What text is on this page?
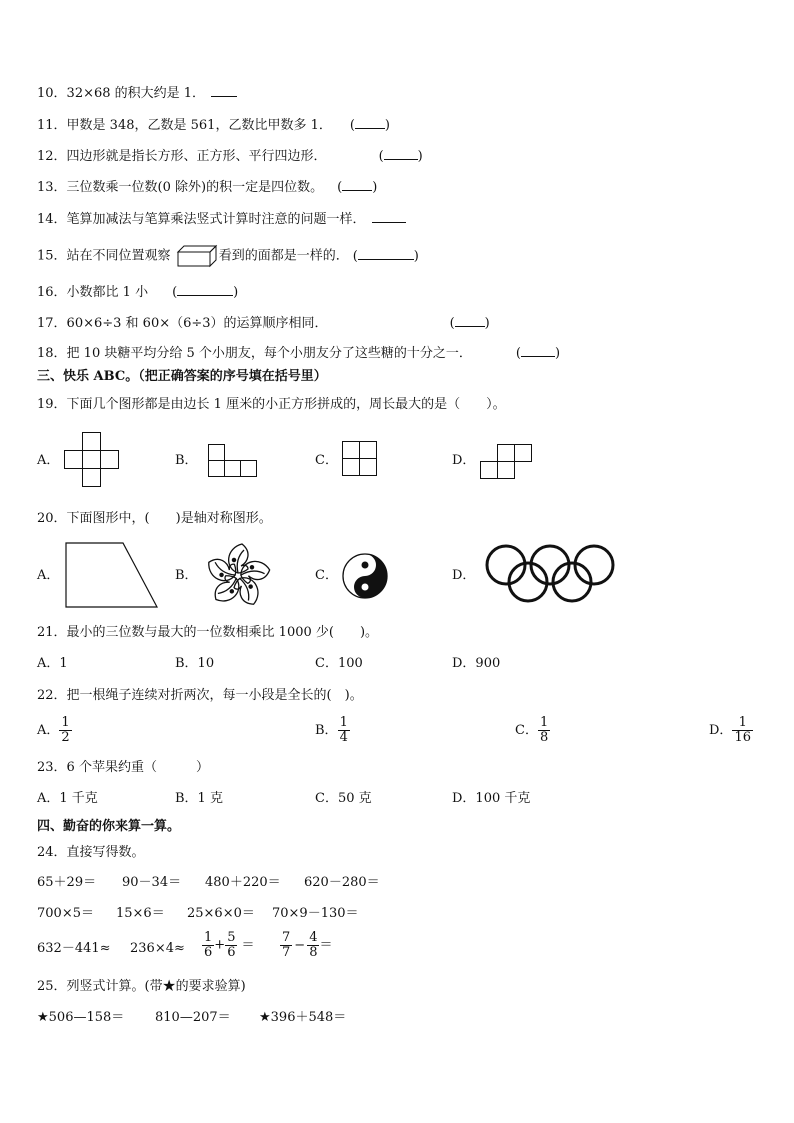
10．32×68 的积大约是 1．
11．甲数是 348，乙数是 561，乙数比甲数多 1． ( )
12．四边形就是指长方形、正方形、平行四边形．	(	)
13．三位数乘一位数(0 除外)的积一定是四位数。 ( )
14．笔算加减法与笔算乘法竖式计算时注意的问题一样．
15．站在不同位置观察	看到的面都是一样的． (	)
16．小数都比 1 小 (	)
17．60×6÷3 和 60×（6÷3）的运算顺序相同．	( )
18．把 10 块糖平均分给 5 个小朋友，每个小朋友分了这些糖的十分之一．	(	)
三、快乐 ABC。（把正确答案的序号填在括号里）
19．下面几个图形都是由边长 1 厘米的小正方形拼成的，周长最大的是（　　）。
A．	B．	C．	D．
20．下面图形中，(　　)是轴对称图形。
A．	B．	C．	D．
21．最小的三位数与最大的一位数相乘比 1000 少(　　)。
A．1	B．10	C．100	D．900
22．把一根绳子连续对折两次，每一小段是全长的(　)。
A． $\frac{1}{2}$	B． $\frac{1}{4}$	C． $\frac{1}{8}$	D． $\frac{1}{16}$
23．6 个苹果约重（　　　）
A．1 千克	B．1 克	C．50 克	D．100 千克
四、勤奋的你来算一算。
24．直接写得数。
65＋29＝ 90－34＝ 480＋220＝ 620－280＝
700×5＝ 15×6＝ 25×6×0＝ 70×9－130＝
$632-441\approx 236\times 4\approx \frac{1}{6} + \frac{5}{6} = \frac{7}{7} - \frac{4}{8}$ ＝
25．列竖式计算。(带★的要求验算)
★506—158＝ 810—207＝ ★396＋548＝
